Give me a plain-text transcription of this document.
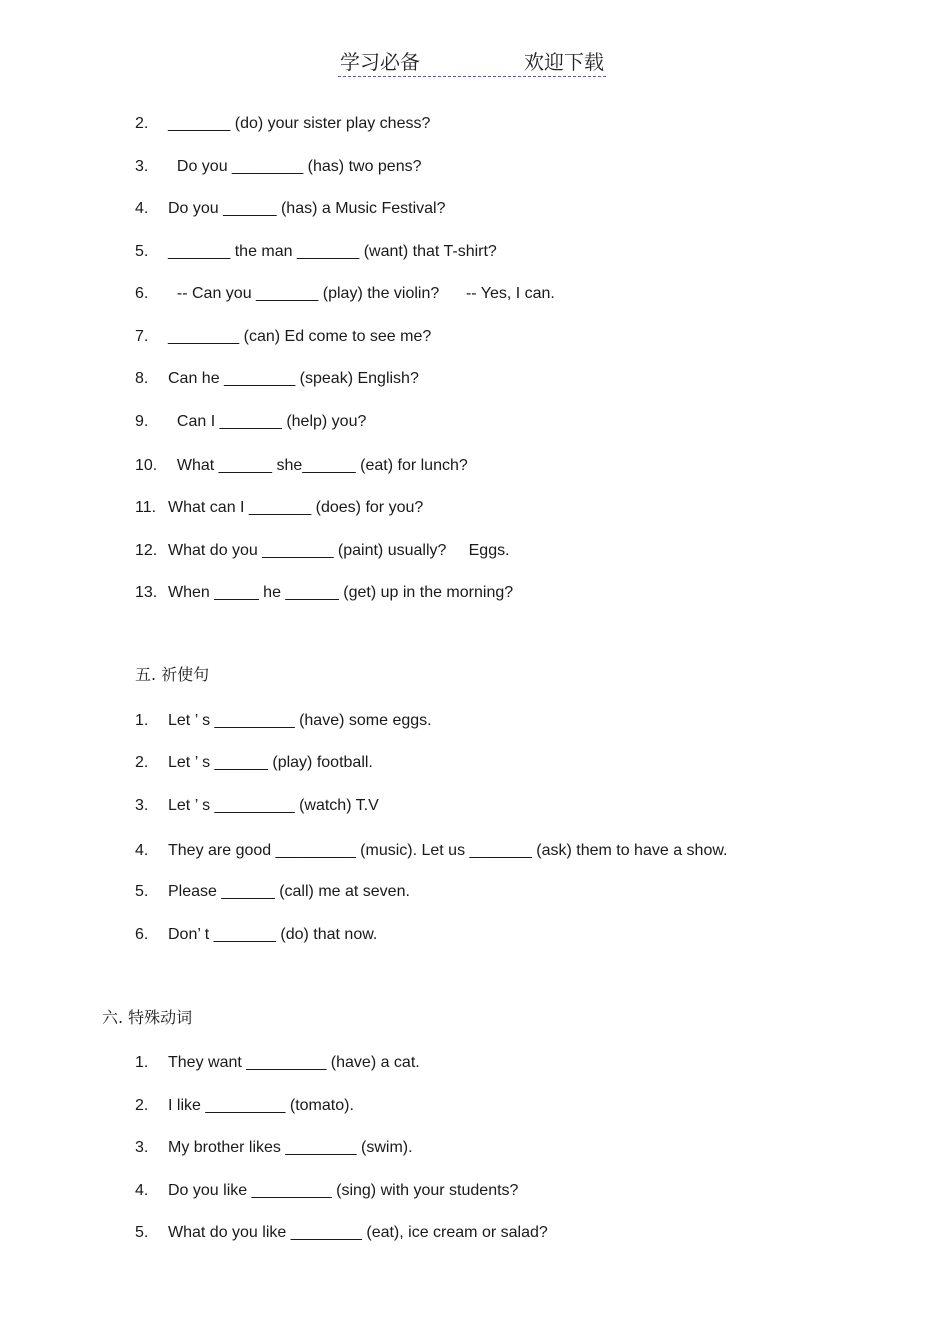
学习必备	欢迎下载
2. _______ (do) your sister play chess?
3. Do you ________ (has) two pens?
4. Do you ______ (has) a Music Festival?
5. _______ the man _______ (want) that T-shirt?
6. -- Can you _______ (play) the violin?      -- Yes, I can.
7. ________ (can) Ed come to see me?
8. Can he ________ (speak) English?
9. Can I _______ (help) you?
10. What ______ she______ (eat) for lunch?
11. What can I _______ (does) for you?
12. What do you ________ (paint) usually?     Eggs.
13. When _____ he ______ (get) up in the morning?
五. 祈使句
1. Let ’ s _________ (have) some eggs.
2. Let ’ s ______ (play) football.
3. Let ’ s _________ (watch) T.V
4. They are good _________ (music). Let us _______ (ask) them to have a show.
5. Please ______ (call) me at seven.
6. Don’ t _______ (do) that now.
六. 特殊动词
1. They want _________ (have) a cat.
2. I like _________ (tomato).
3. My brother likes ________ (swim).
4. Do you like _________ (sing) with your students?
5. What do you like ________ (eat), ice cream or salad?
